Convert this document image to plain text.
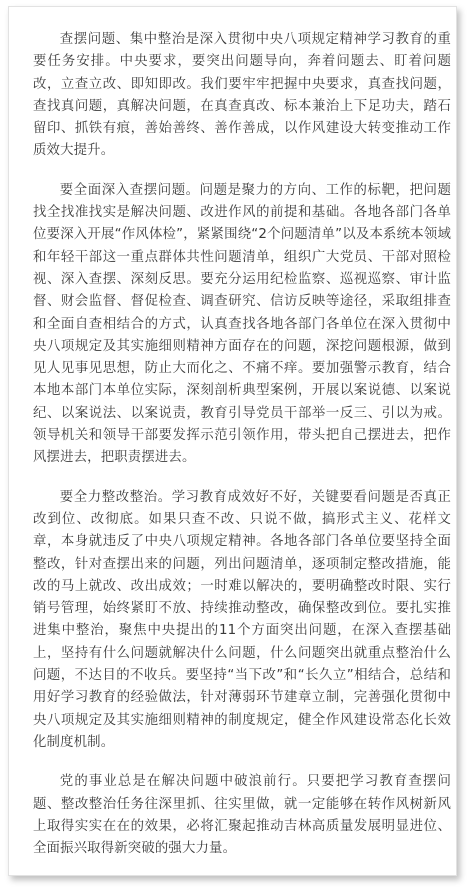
查摆问题、集中整治是深入贯彻中央八项规定精神学习教育的重要任务安排。中央要求，要突出问题导向，奔着问题去、盯着问题改，立查立改、即知即改。我们要牢牢把握中央要求，真查找问题，查找真问题，真解决问题，在真查真改、标本兼治上下足功夫，踏石留印、抓铁有痕，善始善终、善作善成，以作风建设大转变推动工作质效大提升。

要全面深入查摆问题。问题是聚力的方向、工作的标靶，把问题找全找准找实是解决问题、改进作风的前提和基础。各地各部门各单位要深入开展“作风体检”，紧紧围绕“2个问题清单”以及本系统本领域和年轻干部这一重点群体共性问题清单，组织广大党员、干部对照检视、深入查摆、深刻反思。要充分运用纪检监察、巡视巡察、审计监督、财会监督、督促检查、调查研究、信访反映等途径，采取组排查和全面自查相结合的方式，认真查找各地各部门各单位在深入贯彻中央八项规定及其实施细则精神方面存在的问题，深挖问题根源，做到见人见事见思想，防止大而化之、不痛不痒。要加强警示教育，结合本地本部门本单位实际，深刻剖析典型案例，开展以案说德、以案说纪、以案说法、以案说责，教育引导党员干部举一反三、引以为戒。领导机关和领导干部要发挥示范引领作用，带头把自己摆进去，把作风摆进去，把职责摆进去。

要全力整改整治。学习教育成效好不好，关键要看问题是否真正改到位、改彻底。如果只查不改、只说不做，搞形式主义、花样文章，本身就违反了中央八项规定精神。各地各部门各单位要坚持全面整改，针对查摆出来的问题，列出问题清单，逐项制定整改措施，能改的马上就改、改出成效；一时难以解决的，要明确整改时限、实行销号管理，始终紧盯不放、持续推动整改，确保整改到位。要扎实推进集中整治，聚焦中央提出的11个方面突出问题，在深入查摆基础上，坚持有什么问题就解决什么问题，什么问题突出就重点整治什么问题，不达目的不收兵。要坚持“当下改”和“长久立”相结合，总结和用好学习教育的经验做法，针对薄弱环节建章立制，完善强化贯彻中央八项规定及其实施细则精神的制度规定，健全作风建设常态化长效化制度机制。

党的事业总是在解决问题中破浪前行。只要把学习教育查摆问题、整改整治任务往深里抓、往实里做，就一定能够在转作风树新风上取得实实在在的效果，必将汇聚起推动吉林高质量发展明显进位、全面振兴取得新突破的强大力量。
